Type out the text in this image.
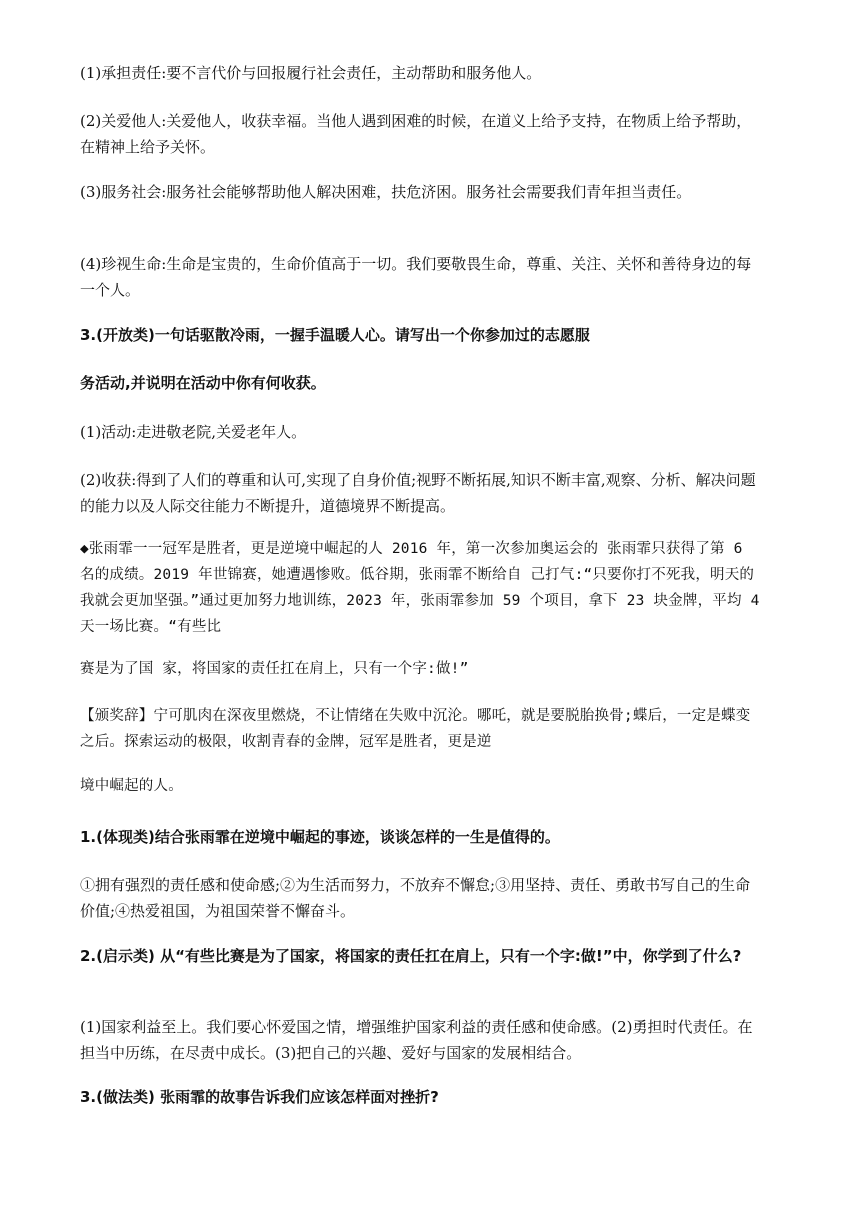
(1)承担责任:要不言代价与回报履行社会责任，主动帮助和服务他人。

(2)关爱他人:关爱他人，收获幸福。当他人遇到困难的时候，在道义上给予支持，在物质上给予帮助，在精神上给予关怀。

(3)服务社会:服务社会能够帮助他人解决困难，扶危济困。服务社会需要我们青年担当责任。

(4)珍视生命:生命是宝贵的，生命价值高于一切。我们要敬畏生命，尊重、关注、关怀和善待身边的每一个人。

3.(开放类)一句话驱散冷雨，一握手温暖人心。请写出一个你参加过的志愿服

务活动,并说明在活动中你有何收获。

(1)活动:走进敬老院,关爱老年人。

(2)收获:得到了人们的尊重和认可,实现了自身价值;视野不断拓展,知识不断丰富,观察、分析、解决问题的能力以及人际交往能力不断提升，道德境界不断提高。

◆张雨霏一一冠军是胜者，更是逆境中崛起的人 2016 年，第一次参加奥运会的 张雨霏只获得了第 6 名的成绩。2019 年世锦赛，她遭遇惨败。低谷期，张雨霏不断给自 己打气:“只要你打不死我，明天的我就会更加坚强。”通过更加努力地训练，2023 年，张雨霏参加 59 个项目，拿下 23 块金牌，平均 4 天一场比赛。“有些比

赛是为了国 家，将国家的责任扛在肩上，只有一个字:做!”

【颁奖辞】宁可肌肉在深夜里燃烧，不让情绪在失败中沉沦。哪吒，就是要脱胎换骨;蝶后，一定是蝶变之后。探索运动的极限，收割青春的金牌，冠军是胜者，更是逆

境中崛起的人。

1.(体现类)结合张雨霏在逆境中崛起的事迹，谈谈怎样的一生是值得的。

①拥有强烈的责任感和使命感;②为生活而努力，不放弃不懈怠;③用坚持、责任、勇敢书写自己的生命价值;④热爱祖国，为祖国荣誉不懈奋斗。

2.(启示类) 从“有些比赛是为了国家，将国家的责任扛在肩上，只有一个字:做!”中，你学到了什么?

(1)国家利益至上。我们要心怀爱国之情，增强维护国家利益的责任感和使命感。(2)勇担时代责任。在担当中历练，在尽责中成长。(3)把自己的兴趣、爱好与国家的发展相结合。

3.(做法类) 张雨霏的故事告诉我们应该怎样面对挫折?
